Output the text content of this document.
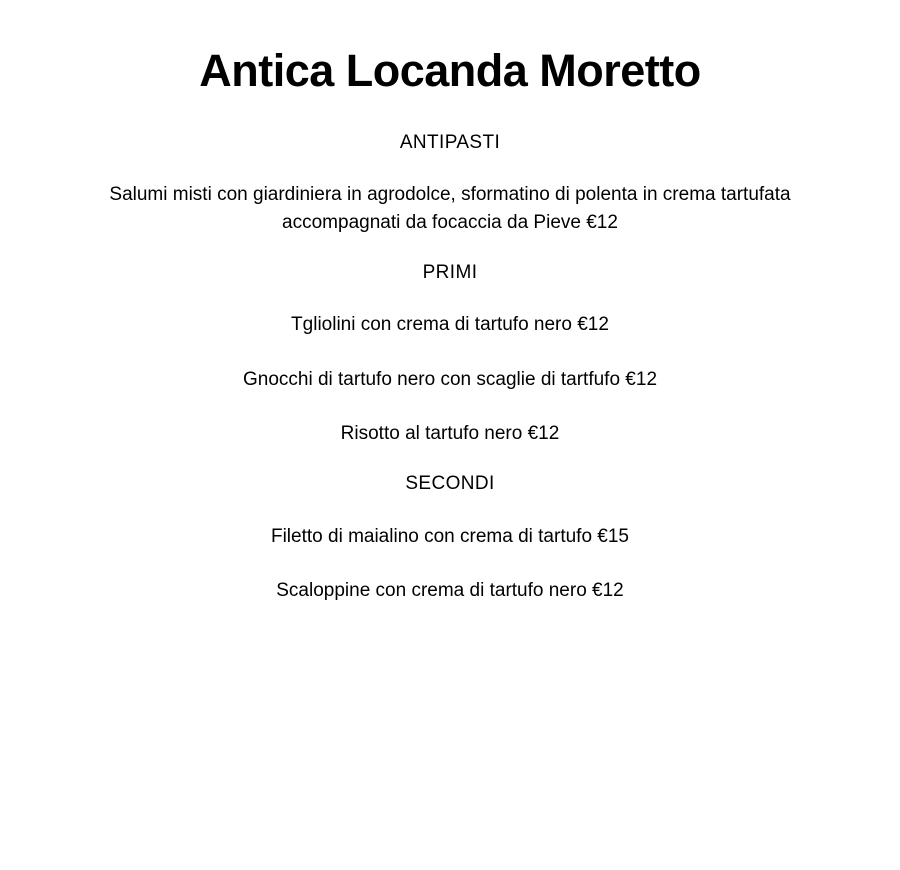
Antica Locanda Moretto
ANTIPASTI
Salumi misti con giardiniera in agrodolce, sformatino di polenta in crema tartufata accompagnati da focaccia da Pieve €12
PRIMI
Tgliolini con crema di tartufo nero €12
Gnocchi di tartufo nero con scaglie di tartfufo €12
Risotto al tartufo nero €12
SECONDI
Filetto di maialino con crema di tartufo €15
Scaloppine con crema di tartufo nero €12
